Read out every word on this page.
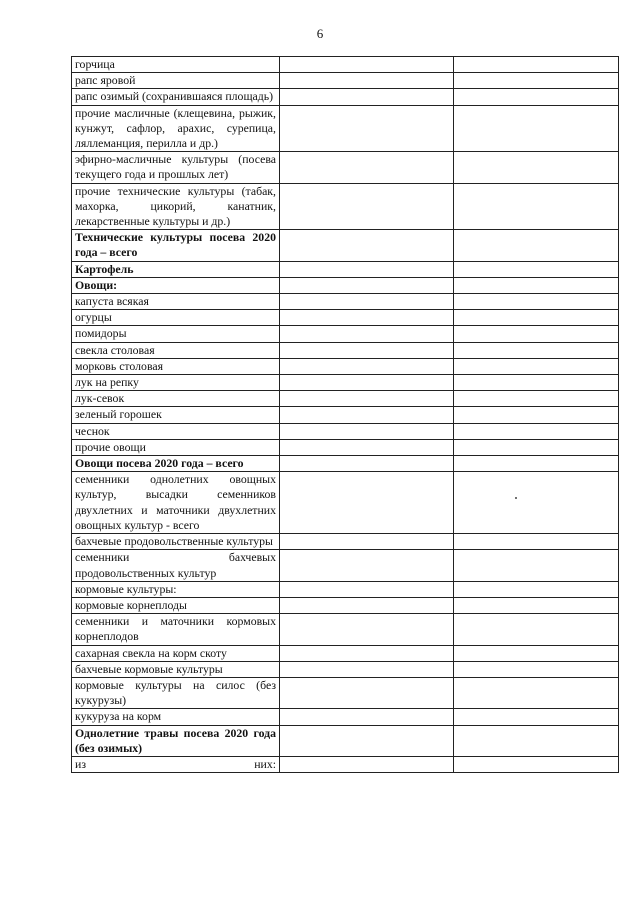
6
горчица		
рапс яровой		
рапс озимый (сохранившаяся площадь)		
прочие масличные (клещевина, рыжик, кунжут, сафлор, арахис, сурепица, ляллеманция, перилла и др.)		
эфирно-масличные культуры (посева текущего года и прошлых лет)		
прочие технические культуры (табак, махорка, цикорий, канатник, лекарственные культуры и др.)		
Технические культуры посева 2020 года – всего		
Картофель		
Овощи:		
капуста всякая		
огурцы		
помидоры		
свекла столовая		
морковь столовая		
лук на репку		
лук-севок		
зеленый горошек		
чеснок		
прочие овощи		
Овощи посева 2020 года – всего		
семенники однолетних овощных культур, высадки семенников двухлетних и маточники двухлетних овощных культур - всего		
бахчевые продовольственные культуры		
семенники бахчевых продовольственных культур		
кормовые культуры:		
кормовые корнеплоды		
семенники и маточники кормовых корнеплодов		
сахарная свекла на корм скоту		
бахчевые кормовые культуры		
кормовые культуры на силос (без кукурузы)		
кукуруза на корм		
Однолетние травы посева 2020 года (без озимых)		
из них:		
